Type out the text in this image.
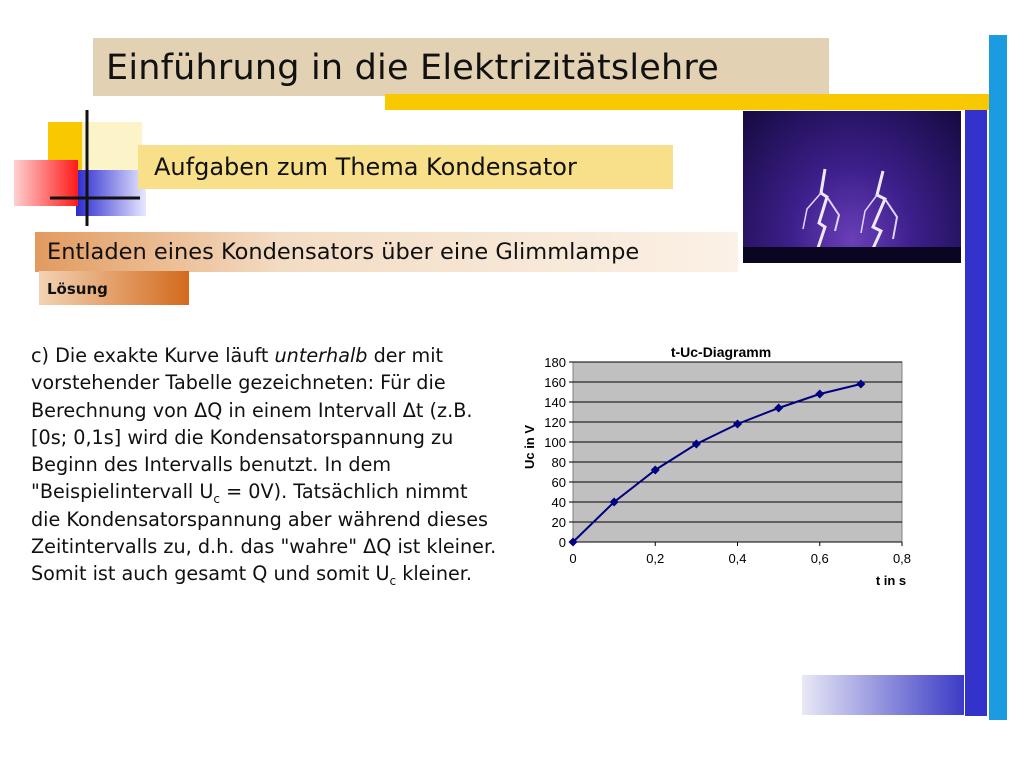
Einführung in die Elektrizitätslehre
Aufgaben zum Thema Kondensator
Entladen eines Kondensators über eine Glimmlampe
Lösung
c) Die exakte Kurve läuft unterhalb der mit vorstehender Tabelle gezeichneten: Für die Berechnung von ΔQ in einem Intervall Δt (z.B.[0s; 0,1s] wird die Kondensatorspannung zu Beginn des Intervalls benutzt. In dem "Beispielintervall $U_c = 0V$). Tatsächlich nimmt die Kondensatorspannung aber während dieses Zeitintervalls zu, d.h. das "wahre" ΔQ ist kleiner. Somit ist auch gesamt Q und somit $U_c$ kleiner.
t-Uc-Diagramm
0
20
40
60
80
100
120
140
160
180
0	0,2	0,4	0,6	0,8
t in s
Uc in V
